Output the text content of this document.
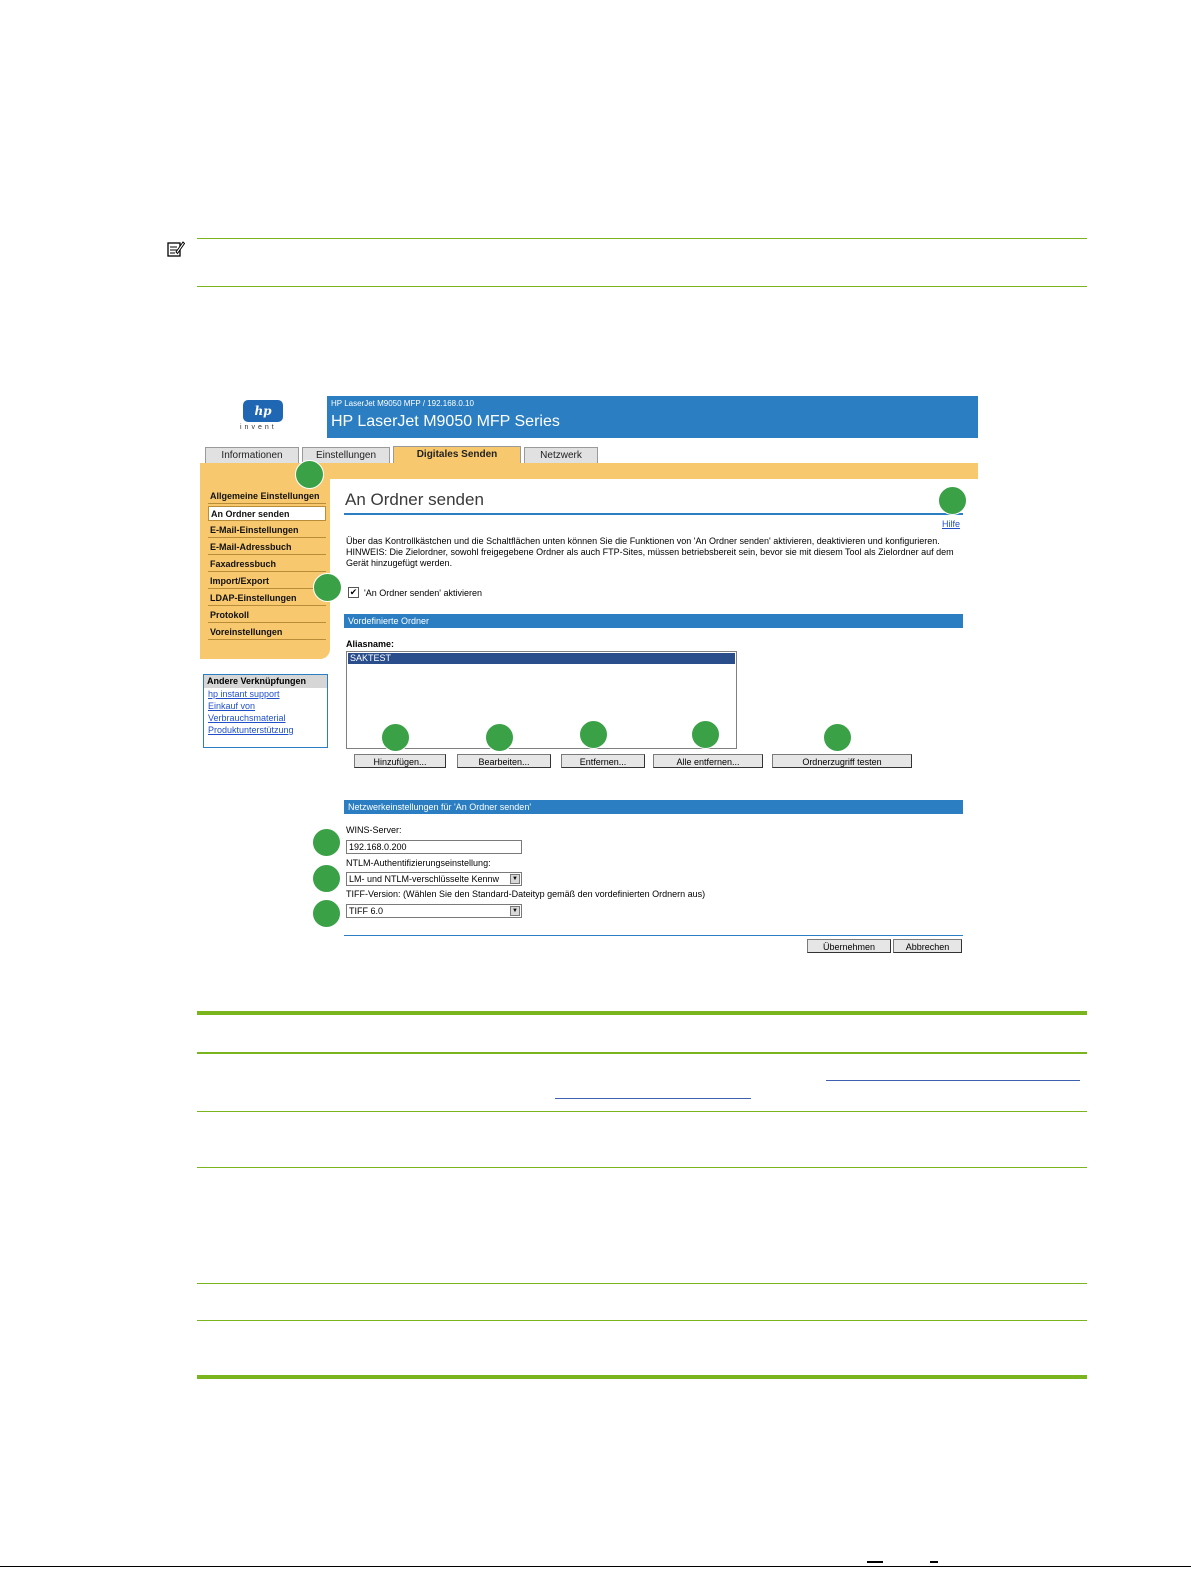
hp
invent
HP LaserJet M9050 MFP / 192.168.0.10
HP LaserJet M9050 MFP Series
Informationen	Einstellungen	Digitales Senden	Netzwerk
Allgemeine Einstellungen
An Ordner senden
E-Mail-Einstellungen
E-Mail-Adressbuch
Faxadressbuch
Import/Export
LDAP-Einstellungen
Protokoll
Voreinstellungen
Andere Verknüpfungen
hp instant support
Einkauf von
Verbrauchsmaterial
Produktunterstützung
An Ordner senden
Hilfe
Über das Kontrollkästchen und die Schaltflächen unten können Sie die Funktionen von 'An Ordner senden' aktivieren, deaktivieren und konfigurieren. HINWEIS: Die Zielordner, sowohl freigegebene Ordner als auch FTP-Sites, müssen betriebsbereit sein, bevor sie mit diesem Tool als Zielordner auf dem Gerät hinzugefügt werden.
✔ 'An Ordner senden' aktivieren
Vordefinierte Ordner
Aliasname:
SAKTEST
Hinzufügen...	Bearbeiten...	Entfernen...	Alle entfernen...	Ordnerzugriff testen
Netzwerkeinstellungen für 'An Ordner senden'
WINS-Server:
192.168.0.200
NTLM-Authentifizierungseinstellung:
LM- und NTLM-verschlüsselte Kennw	▼
TIFF-Version: (Wählen Sie den Standard-Dateityp gemäß den vordefinierten Ordnern aus)
TIFF 6.0	▼
Übernehmen	Abbrechen
